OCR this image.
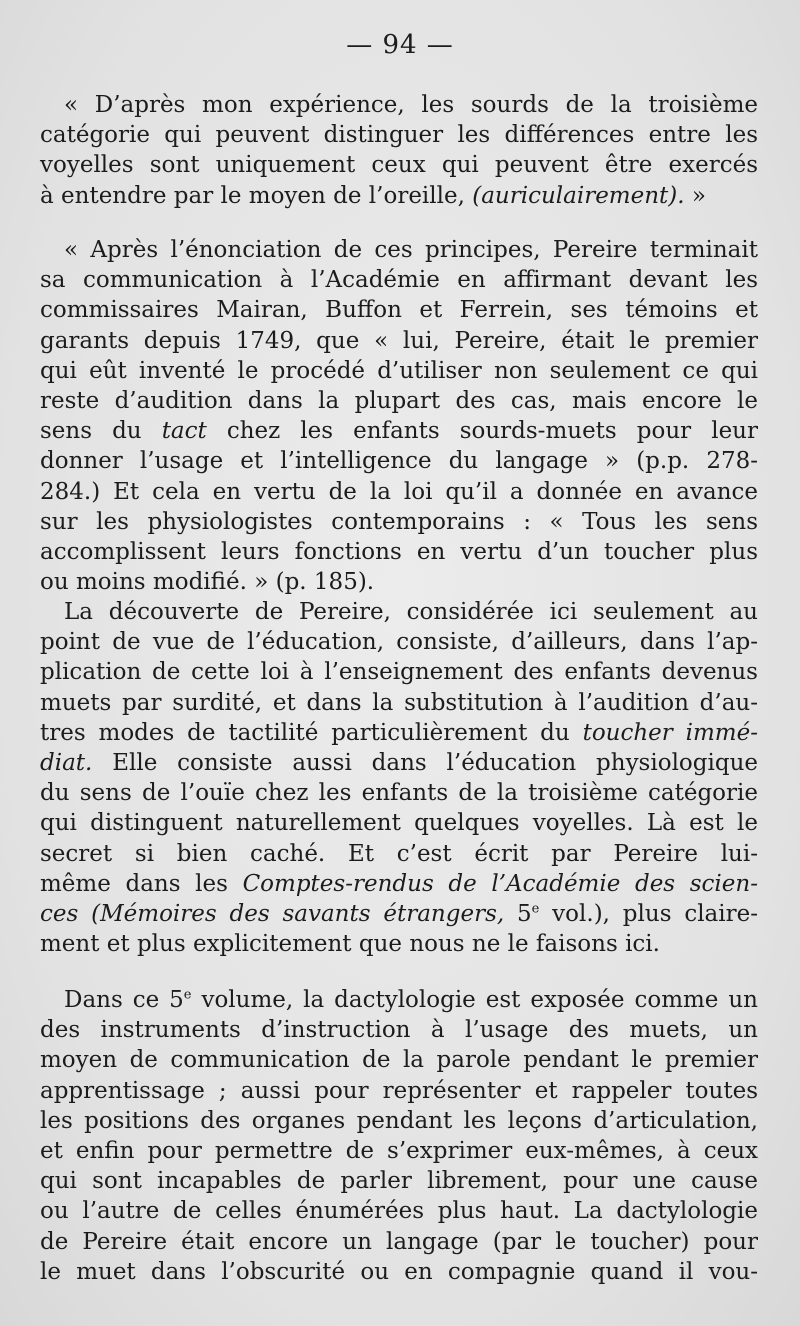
— 94 —
« D’après mon expérience, les sourds de la troisième
catégorie qui peuvent distinguer les différences entre les
voyelles sont uniquement ceux qui peuvent être exercés
à entendre par le moyen de l’oreille, (auriculairement). »
« Après l’énonciation de ces principes, Pereire terminait
sa communication à l’Académie en affirmant devant les
commissaires Mairan, Buffon et Ferrein, ses témoins et
garants depuis 1749, que « lui, Pereire, était le premier
qui eût inventé le procédé d’utiliser non seulement ce qui
reste d’audition dans la plupart des cas, mais encore le
sens du tact chez les enfants sourds-muets pour leur
donner l’usage et l’intelligence du langage » (p.p. 278-
284.) Et cela en vertu de la loi qu’il a donnée en avance
sur les physiologistes contemporains : « Tous les sens
accomplissent leurs fonctions en vertu d’un toucher plus
ou moins modifié. » (p. 185).
La découverte de Pereire, considérée ici seulement au
point de vue de l’éducation, consiste, d’ailleurs, dans l’ap-
plication de cette loi à l’enseignement des enfants devenus
muets par surdité, et dans la substitution à l’audition d’au-
tres modes de tactilité particulièrement du toucher immé-
diat. Elle consiste aussi dans l’éducation physiologique
du sens de l’ouïe chez les enfants de la troisième catégorie
qui distinguent naturellement quelques voyelles. Là est le
secret si bien caché. Et c’est écrit par Pereire lui-
même dans les Comptes-rendus de l’Académie des scien-
ces (Mémoires des savants étrangers, 5e vol.), plus claire-
ment et plus explicitement que nous ne le faisons ici.
Dans ce 5e volume, la dactylologie est exposée comme un
des instruments d’instruction à l’usage des muets, un
moyen de communication de la parole pendant le premier
apprentissage ; aussi pour représenter et rappeler toutes
les positions des organes pendant les leçons d’articulation,
et enfin pour permettre de s’exprimer eux-mêmes, à ceux
qui sont incapables de parler librement, pour une cause
ou l’autre de celles énumérées plus haut. La dactylologie
de Pereire était encore un langage (par le toucher) pour
le muet dans l’obscurité ou en compagnie quand il vou-
